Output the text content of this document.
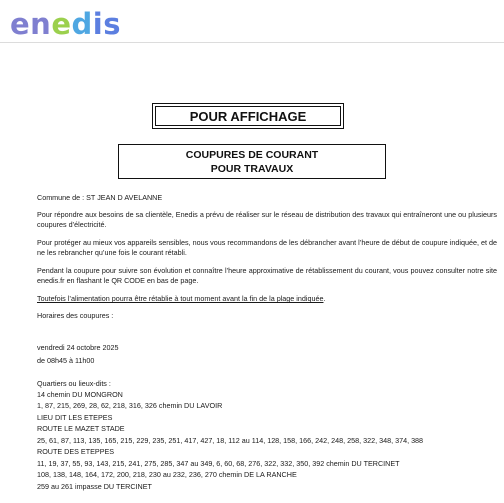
en e d is
POUR AFFICHAGE
COUPURES DE COURANT
POUR TRAVAUX
Commune de : ST JEAN D AVELANNE
Pour répondre aux besoins de sa clientèle, Enedis a prévu de réaliser sur le réseau de distribution des travaux qui entraîneront une ou plusieurs coupures d’électricité.
Pour protéger au mieux vos appareils sensibles, nous vous recommandons de les débrancher avant l’heure de début de coupure indiquée, et de ne les rebrancher qu’une fois le courant rétabli.
Pendant la coupure pour suivre son évolution et connaître l’heure approximative de rétablissement du courant, vous pouvez consulter notre site enedis.fr en flashant le QR CODE en bas de page.
Toutefois l’alimentation pourra être rétablie à tout moment avant la fin de la plage indiquée.
Horaires des coupures :
vendredi 24 octobre 2025
de 08h45 à 11h00
Quartiers ou lieux-dits :
14 chemin DU MONGRON
1, 87, 215, 269, 28, 62, 218, 316, 326 chemin DU LAVOIR
LIEU DIT LES ETEPES
ROUTE LE MAZET STADE
25, 61, 87, 113, 135, 165, 215, 229, 235, 251, 417, 427, 18, 112 au 114, 128, 158, 166, 242, 248, 258, 322, 348, 374, 388
ROUTE DES ETEPPES
11, 19, 37, 55, 93, 143, 215, 241, 275, 285, 347 au 349, 6, 60, 68, 276, 322, 332, 350, 392 chemin DU TERCINET
108, 138, 148, 164, 172, 200, 218, 230 au 232, 236, 270 chemin DE LA RANCHE
259 au 261 impasse DU TERCINET
